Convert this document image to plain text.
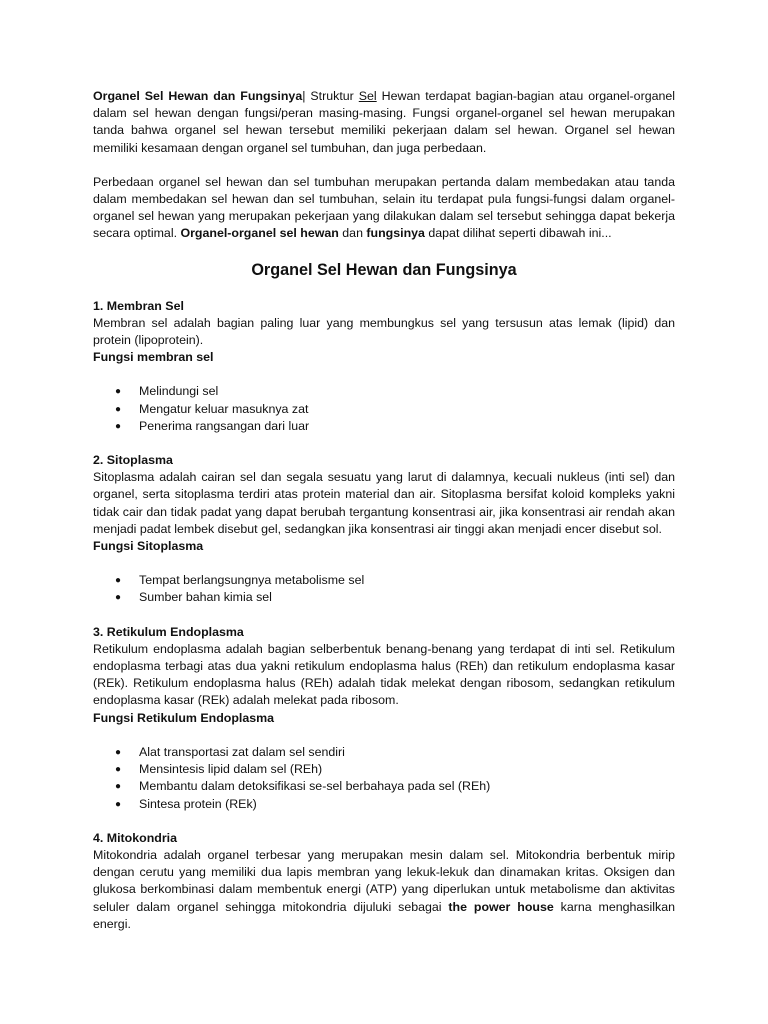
Organel Sel Hewan dan Fungsinya| Struktur Sel Hewan terdapat bagian-bagian atau organel-organel dalam sel hewan dengan fungsi/peran masing-masing. Fungsi organel-organel sel hewan merupakan tanda bahwa organel sel hewan tersebut memiliki pekerjaan dalam sel hewan. Organel sel hewan memiliki kesamaan dengan organel sel tumbuhan, dan juga perbedaan.

Perbedaan organel sel hewan dan sel tumbuhan merupakan pertanda dalam membedakan atau tanda dalam membedakan sel hewan dan sel tumbuhan, selain itu terdapat pula fungsi-fungsi dalam organel-organel sel hewan yang merupakan pekerjaan yang dilakukan dalam sel tersebut sehingga dapat bekerja secara optimal. Organel-organel sel hewan dan fungsinya dapat dilihat seperti dibawah ini...

Organel Sel Hewan dan Fungsinya
1. Membran Sel

Membran sel adalah bagian paling luar yang membungkus sel yang tersusun atas lemak (lipid) dan protein (lipoprotein).

Fungsi membran sel
● Melindungi sel
● Mengatur keluar masuknya zat
● Penerima rangsangan dari luar
2. Sitoplasma

Sitoplasma adalah cairan sel dan segala sesuatu yang larut di dalamnya, kecuali nukleus (inti sel) dan organel, serta sitoplasma terdiri atas protein material dan air. Sitoplasma bersifat koloid kompleks yakni tidak cair dan tidak padat yang dapat berubah tergantung konsentrasi air, jika konsentrasi air rendah akan menjadi padat lembek disebut gel, sedangkan jika konsentrasi air tinggi akan menjadi encer disebut sol.

Fungsi Sitoplasma
● Tempat berlangsungnya metabolisme sel
● Sumber bahan kimia sel
3. Retikulum Endoplasma

Retikulum endoplasma adalah bagian selberbentuk benang-benang yang terdapat di inti sel. Retikulum endoplasma terbagi atas dua yakni retikulum endoplasma halus (REh) dan retikulum endoplasma kasar (REk). Retikulum endoplasma halus (REh) adalah tidak melekat dengan ribosom, sedangkan retikulum endoplasma kasar (REk) adalah melekat pada ribosom.

Fungsi Retikulum Endoplasma
● Alat transportasi zat dalam sel sendiri
● Mensintesis lipid dalam sel (REh)
● Membantu dalam detoksifikasi se-sel berbahaya pada sel (REh)
● Sintesa protein (REk)
4. Mitokondria

Mitokondria adalah organel terbesar yang merupakan mesin dalam sel. Mitokondria berbentuk mirip dengan cerutu yang memiliki dua lapis membran yang lekuk-lekuk dan dinamakan kritas. Oksigen dan glukosa berkombinasi dalam membentuk energi (ATP) yang diperlukan untuk metabolisme dan aktivitas seluler dalam organel sehingga mitokondria dijuluki sebagai the power house karna menghasilkan energi.
